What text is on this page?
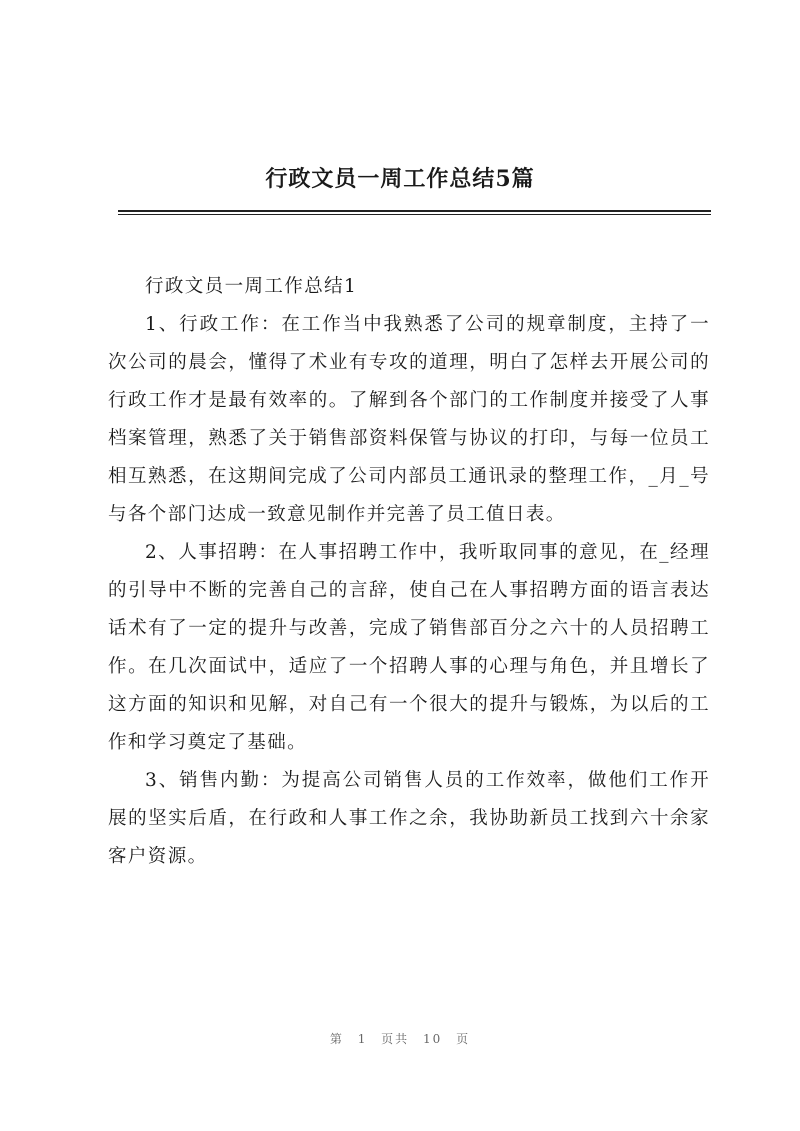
行政文员一周工作总结5篇

行政文员一周工作总结1

1、行政工作：在工作当中我熟悉了公司的规章制度，主持了一次公司的晨会，懂得了术业有专攻的道理，明白了怎样去开展公司的行政工作才是最有效率的。了解到各个部门的工作制度并接受了人事档案管理，熟悉了关于销售部资料保管与协议的打印，与每一位员工相互熟悉，在这期间完成了公司内部员工通讯录的整理工作，_月_号与各个部门达成一致意见制作并完善了员工值日表。

2、人事招聘：在人事招聘工作中，我听取同事的意见，在_经理的引导中不断的完善自己的言辞，使自己在人事招聘方面的语言表达话术有了一定的提升与改善，完成了销售部百分之六十的人员招聘工作。在几次面试中，适应了一个招聘人事的心理与角色，并且增长了这方面的知识和见解，对自己有一个很大的提升与锻炼，为以后的工作和学习奠定了基础。

3、销售内勤：为提高公司销售人员的工作效率，做他们工作开展的坚实后盾，在行政和人事工作之余，我协助新员工找到六十余家客户资源。

第 1 页共 10 页
